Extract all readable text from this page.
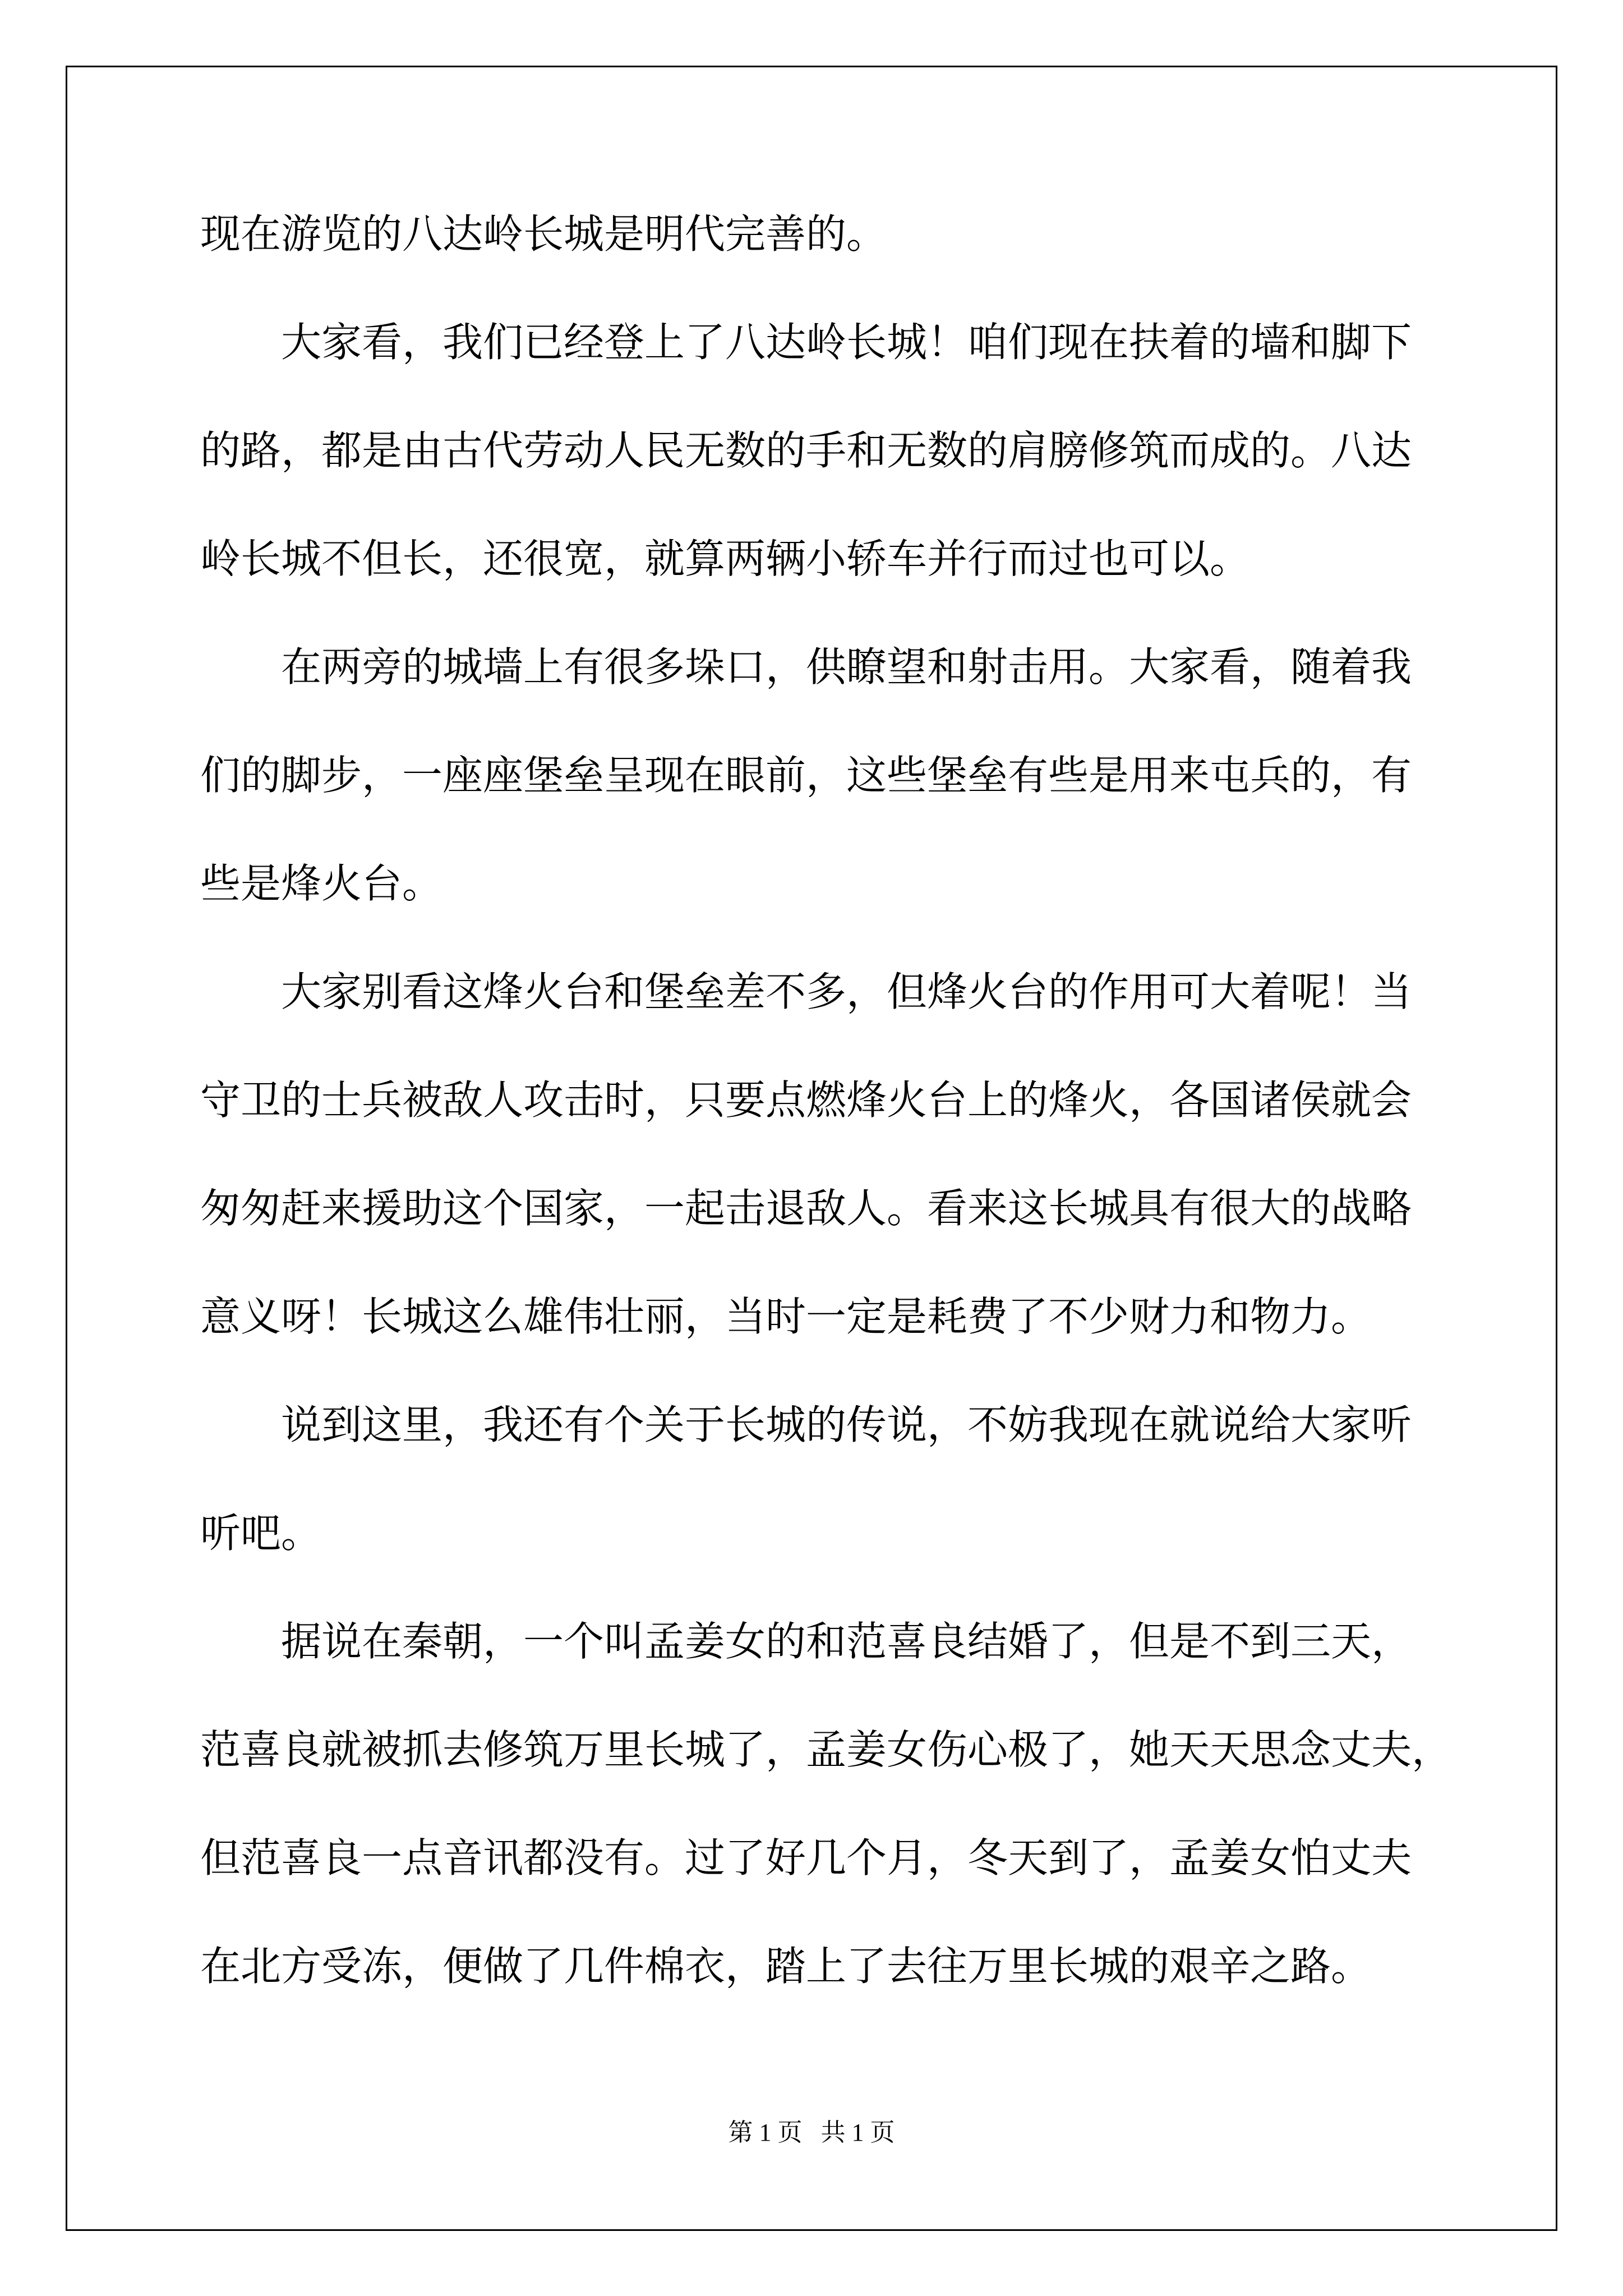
现在游览的八达岭长城是明代完善的。
　　大家看，我们已经登上了八达岭长城！咱们现在扶着的墙和脚下
的路，都是由古代劳动人民无数的手和无数的肩膀修筑而成的。八达
岭长城不但长，还很宽，就算两辆小轿车并行而过也可以。
　　在两旁的城墙上有很多垛口，供瞭望和射击用。大家看，随着我
们的脚步，一座座堡垒呈现在眼前，这些堡垒有些是用来屯兵的，有
些是烽火台。
　　大家别看这烽火台和堡垒差不多，但烽火台的作用可大着呢！当
守卫的士兵被敌人攻击时，只要点燃烽火台上的烽火，各国诸侯就会
匆匆赶来援助这个国家，一起击退敌人。看来这长城具有很大的战略
意义呀！长城这么雄伟壮丽，当时一定是耗费了不少财力和物力。
　　说到这里，我还有个关于长城的传说，不妨我现在就说给大家听
听吧。
　　据说在秦朝，一个叫孟姜女的和范喜良结婚了，但是不到三天，
范喜良就被抓去修筑万里长城了，孟姜女伤心极了，她天天思念丈夫，
但范喜良一点音讯都没有。过了好几个月，冬天到了，孟姜女怕丈夫
在北方受冻，便做了几件棉衣，踏上了去往万里长城的艰辛之路。
第 1 页   共 1 页
